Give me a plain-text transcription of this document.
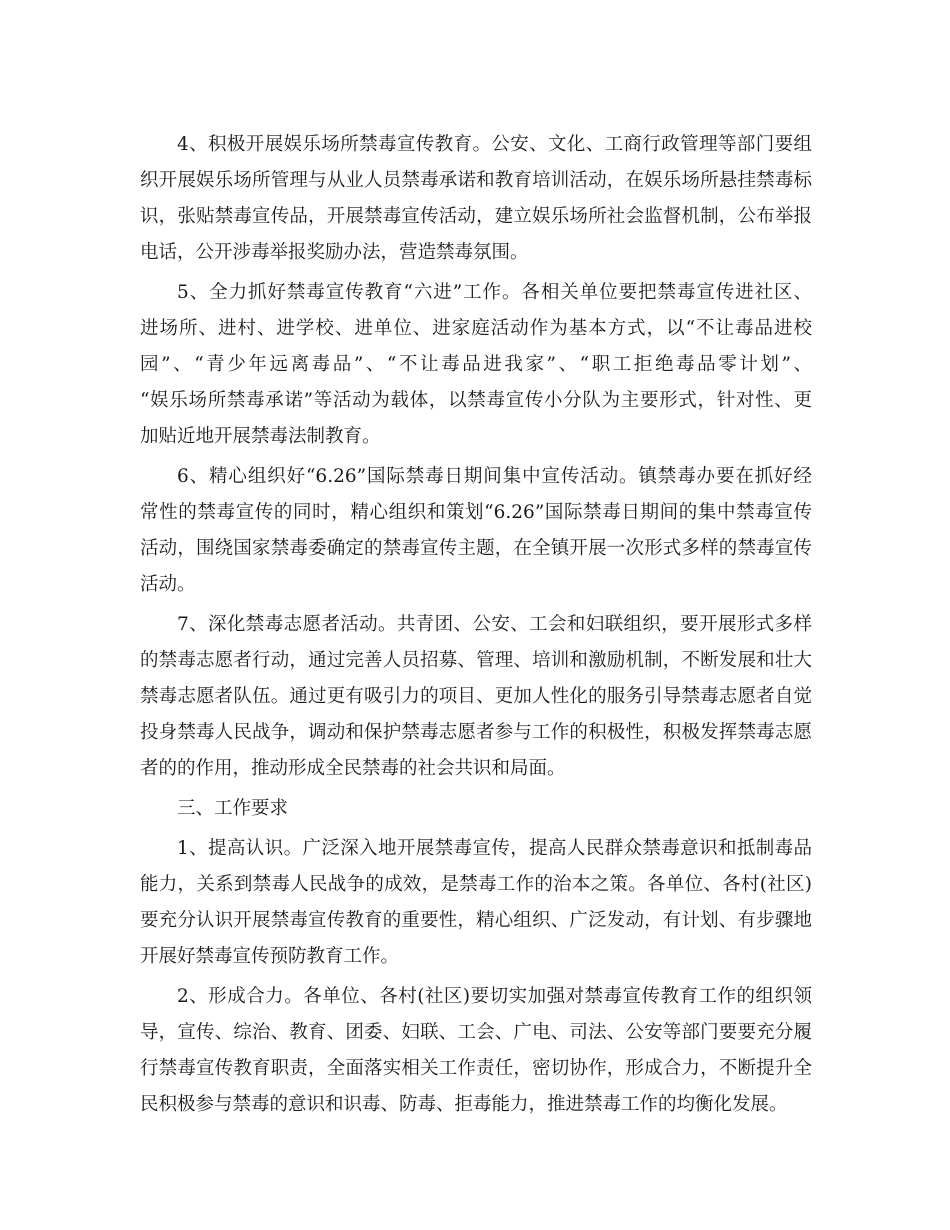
4、积极开展娱乐场所禁毒宣传教育。公安、文化、工商行政管理等部门要组
织开展娱乐场所管理与从业人员禁毒承诺和教育培训活动，在娱乐场所悬挂禁毒标
识，张贴禁毒宣传品，开展禁毒宣传活动，建立娱乐场所社会监督机制，公布举报
电话，公开涉毒举报奖励办法，营造禁毒氛围。
5、全力抓好禁毒宣传教育“六进”工作。各相关单位要把禁毒宣传进社区、
进场所、进村、进学校、进单位、进家庭活动作为基本方式，以“不让毒品进校
园”、“青少年远离毒品”、“不让毒品进我家”、“职工拒绝毒品零计划”、
“娱乐场所禁毒承诺”等活动为载体，以禁毒宣传小分队为主要形式，针对性、更
加贴近地开展禁毒法制教育。
6、精心组织好“6.26”国际禁毒日期间集中宣传活动。镇禁毒办要在抓好经
常性的禁毒宣传的同时，精心组织和策划“6.26”国际禁毒日期间的集中禁毒宣传
活动，围绕国家禁毒委确定的禁毒宣传主题，在全镇开展一次形式多样的禁毒宣传
活动。
7、深化禁毒志愿者活动。共青团、公安、工会和妇联组织，要开展形式多样
的禁毒志愿者行动，通过完善人员招募、管理、培训和激励机制，不断发展和壮大
禁毒志愿者队伍。通过更有吸引力的项目、更加人性化的服务引导禁毒志愿者自觉
投身禁毒人民战争，调动和保护禁毒志愿者参与工作的积极性，积极发挥禁毒志愿
者的的作用，推动形成全民禁毒的社会共识和局面。
三、工作要求
1、提高认识。广泛深入地开展禁毒宣传，提高人民群众禁毒意识和抵制毒品
能力，关系到禁毒人民战争的成效，是禁毒工作的治本之策。各单位、各村(社区)
要充分认识开展禁毒宣传教育的重要性，精心组织、广泛发动，有计划、有步骤地
开展好禁毒宣传预防教育工作。
2、形成合力。各单位、各村(社区)要切实加强对禁毒宣传教育工作的组织领
导，宣传、综治、教育、团委、妇联、工会、广电、司法、公安等部门要要充分履
行禁毒宣传教育职责，全面落实相关工作责任，密切协作，形成合力，不断提升全
民积极参与禁毒的意识和识毒、防毒、拒毒能力，推进禁毒工作的均衡化发展。
